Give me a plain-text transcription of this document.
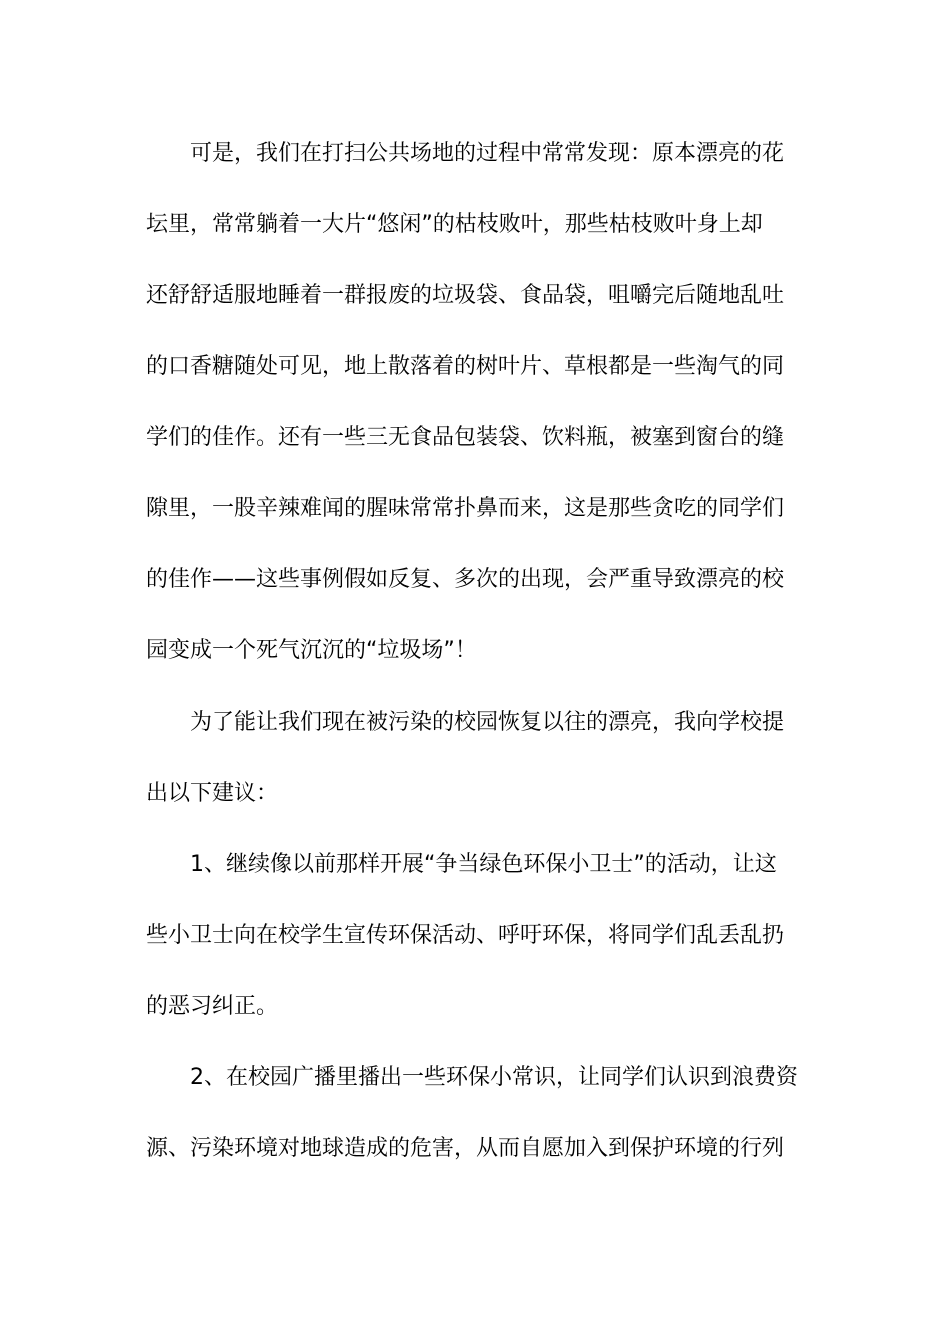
可是，我们在打扫公共场地的过程中常常发现：原本漂亮的花
坛里，常常躺着一大片“悠闲”的枯枝败叶，那些枯枝败叶身上却
还舒舒适服地睡着一群报废的垃圾袋、食品袋，咀嚼完后随地乱吐
的口香糖随处可见，地上散落着的树叶片、草根都是一些淘气的同
学们的佳作。还有一些三无食品包装袋、饮料瓶，被塞到窗台的缝
隙里，一股辛辣难闻的腥味常常扑鼻而来，这是那些贪吃的同学们
的佳作——这些事例假如反复、多次的出现，会严重导致漂亮的校
园变成一个死气沉沉的“垃圾场”！
为了能让我们现在被污染的校园恢复以往的漂亮，我向学校提
出以下建议：
1、继续像以前那样开展“争当绿色环保小卫士”的活动，让这
些小卫士向在校学生宣传环保活动、呼吁环保，将同学们乱丢乱扔
的恶习纠正。
2、在校园广播里播出一些环保小常识，让同学们认识到浪费资
源、污染环境对地球造成的危害，从而自愿加入到保护环境的行列
